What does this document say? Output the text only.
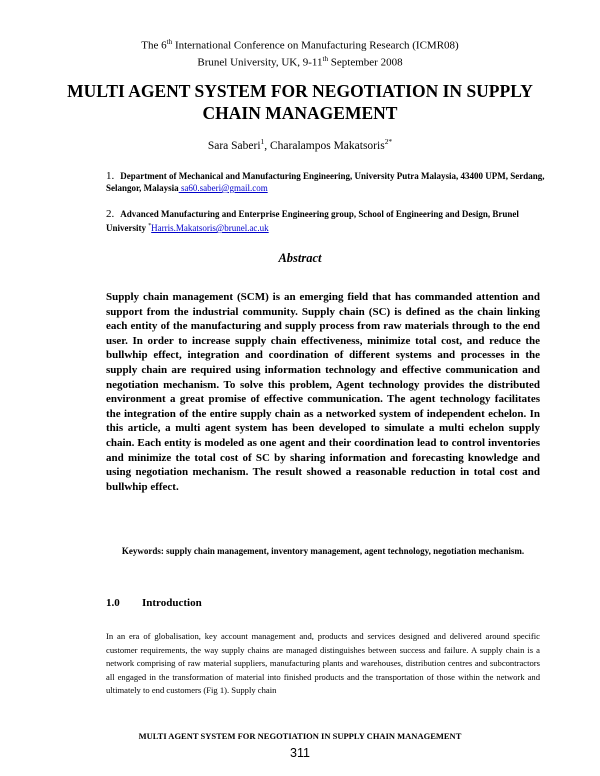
The 6th International Conference on Manufacturing Research (ICMR08)
Brunel University, UK, 9-11th September 2008
MULTI AGENT SYSTEM FOR NEGOTIATION IN SUPPLY CHAIN MANAGEMENT
Sara Saberi$^1$, Charalampos Makatsoris$^{2*}$
1. Department of Mechanical and Manufacturing Engineering, University Putra Malaysia, 43400 UPM, Serdang, Selangor, Malaysia sa60.saberi@gmail.com
2. Advanced Manufacturing and Enterprise Engineering group, School of Engineering and Design, Brunel University *Harris.Makatsoris@brunel.ac.uk
Abstract
Supply chain management (SCM) is an emerging field that has commanded attention and support from the industrial community. Supply chain (SC) is defined as the chain linking each entity of the manufacturing and supply process from raw materials through to the end user. In order to increase supply chain effectiveness, minimize total cost, and reduce the bullwhip effect, integration and coordination of different systems and processes in the supply chain are required using information technology and effective communication and negotiation mechanism. To solve this problem, Agent technology provides the distributed environment a great promise of effective communication. The agent technology facilitates the integration of the entire supply chain as a networked system of independent echelon. In this article, a multi agent system has been developed to simulate a multi echelon supply chain. Each entity is modeled as one agent and their coordination lead to control inventories and minimize the total cost of SC by sharing information and forecasting knowledge and using negotiation mechanism. The result showed a reasonable reduction in total cost and bullwhip effect.
Keywords: supply chain management, inventory management, agent technology, negotiation mechanism.
1.0 Introduction
In an era of globalisation, key account management and, products and services designed and delivered around specific customer requirements, the way supply chains are managed distinguishes between success and failure. A supply chain is a network comprising of raw material suppliers, manufacturing plants and warehouses, distribution centres and subcontractors all engaged in the transformation of material into finished products and the transportation of those within the network and ultimately to end customers (Fig 1). Supply chain
MULTI AGENT SYSTEM FOR NEGOTIATION IN SUPPLY CHAIN MANAGEMENT
311
